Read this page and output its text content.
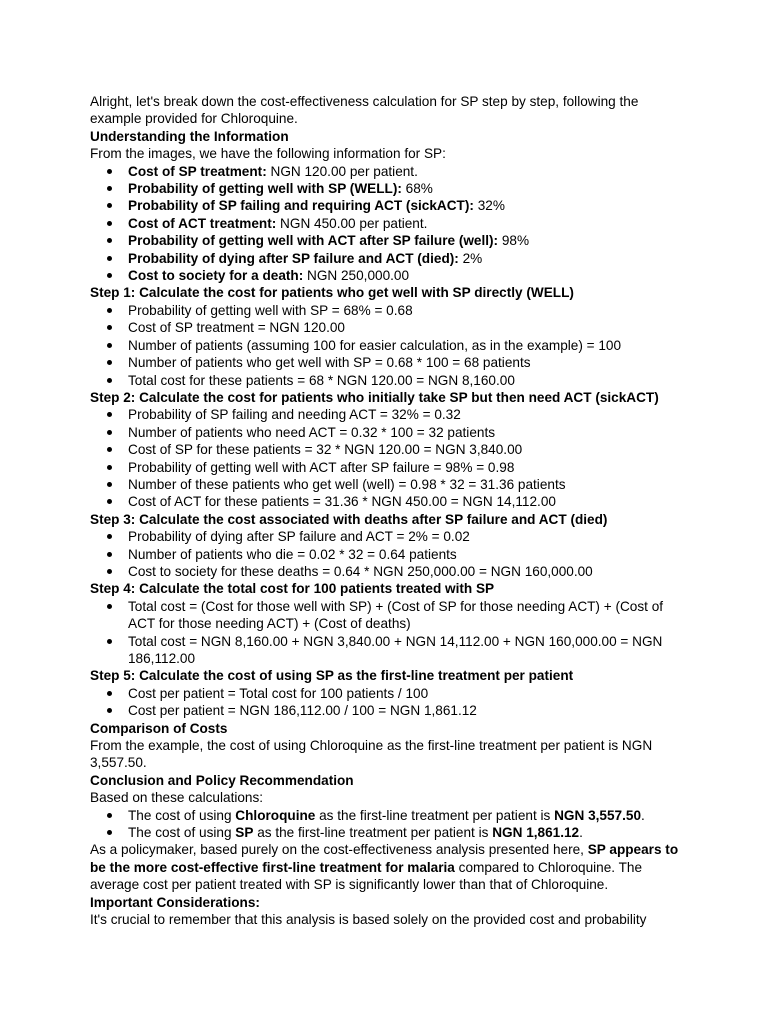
Alright, let's break down the cost-effectiveness calculation for SP step by step, following the example provided for Chloroquine.

Understanding the Information

From the images, we have the following information for SP:

Cost of SP treatment: NGN 120.00 per patient.
Probability of getting well with SP (WELL): 68%
Probability of SP failing and requiring ACT (sickACT): 32%
Cost of ACT treatment: NGN 450.00 per patient.
Probability of getting well with ACT after SP failure (well): 98%
Probability of dying after SP failure and ACT (died): 2%
Cost to society for a death: NGN 250,000.00

Step 1: Calculate the cost for patients who get well with SP directly (WELL)

Probability of getting well with SP = 68% = 0.68
Cost of SP treatment = NGN 120.00
Number of patients (assuming 100 for easier calculation, as in the example) = 100
Number of patients who get well with SP = 0.68 * 100 = 68 patients
Total cost for these patients = 68 * NGN 120.00 = NGN 8,160.00

Step 2: Calculate the cost for patients who initially take SP but then need ACT (sickACT)

Probability of SP failing and needing ACT = 32% = 0.32
Number of patients who need ACT = 0.32 * 100 = 32 patients
Cost of SP for these patients = 32 * NGN 120.00 = NGN 3,840.00
Probability of getting well with ACT after SP failure = 98% = 0.98
Number of these patients who get well (well) = 0.98 * 32 = 31.36 patients
Cost of ACT for these patients = 31.36 * NGN 450.00 = NGN 14,112.00

Step 3: Calculate the cost associated with deaths after SP failure and ACT (died)

Probability of dying after SP failure and ACT = 2% = 0.02
Number of patients who die = 0.02 * 32 = 0.64 patients
Cost to society for these deaths = 0.64 * NGN 250,000.00 = NGN 160,000.00

Step 4: Calculate the total cost for 100 patients treated with SP

Total cost = (Cost for those well with SP) + (Cost of SP for those needing ACT) + (Cost of ACT for those needing ACT) + (Cost of deaths)
Total cost = NGN 8,160.00 + NGN 3,840.00 + NGN 14,112.00 + NGN 160,000.00 = NGN 186,112.00

Step 5: Calculate the cost of using SP as the first-line treatment per patient

Cost per patient = Total cost for 100 patients / 100
Cost per patient = NGN 186,112.00 / 100 = NGN 1,861.12

Comparison of Costs

From the example, the cost of using Chloroquine as the first-line treatment per patient is NGN 3,557.50.

Conclusion and Policy Recommendation

Based on these calculations:

The cost of using Chloroquine as the first-line treatment per patient is NGN 3,557.50.
The cost of using SP as the first-line treatment per patient is NGN 1,861.12.

As a policymaker, based purely on the cost-effectiveness analysis presented here, SP appears to be the more cost-effective first-line treatment for malaria compared to Chloroquine. The average cost per patient treated with SP is significantly lower than that of Chloroquine.

Important Considerations:

It's crucial to remember that this analysis is based solely on the provided cost and probability
